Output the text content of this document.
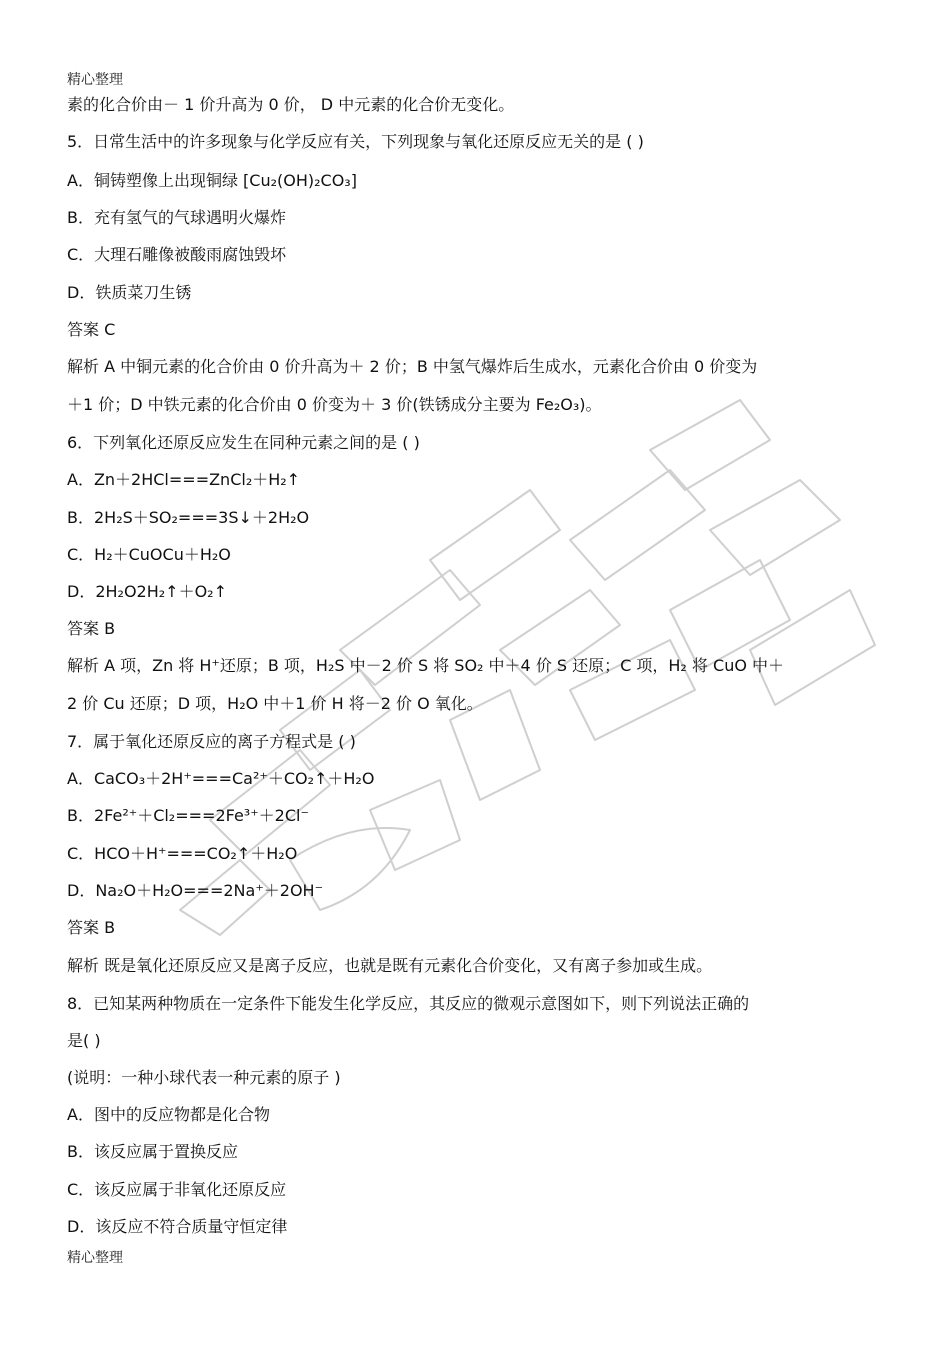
精心整理
素的化合价由－ 1 价升高为 0 价， D 中元素的化合价无变化。
5．日常生活中的许多现象与化学反应有关，下列现象与氧化还原反应无关的是 ( )
A．铜铸塑像上出现铜绿 [Cu₂(OH)₂CO₃]
B．充有氢气的气球遇明火爆炸
C．大理石雕像被酸雨腐蚀毁坏
D．铁质菜刀生锈
答案 C
解析 A 中铜元素的化合价由 0 价升高为＋ 2 价；B 中氢气爆炸后生成水，元素化合价由 0 价变为
＋1 价；D 中铁元素的化合价由 0 价变为＋ 3 价(铁锈成分主要为 Fe₂O₃)。
6．下列氧化还原反应发生在同种元素之间的是 ( )
A．Zn＋2HCl===ZnCl₂＋H₂↑
B．2H₂S＋SO₂===3S↓＋2H₂O
C．H₂＋CuOCu＋H₂O
D．2H₂O2H₂↑＋O₂↑
答案 B
解析 A 项，Zn 将 H⁺还原；B 项，H₂S 中－2 价 S 将 SO₂ 中＋4 价 S 还原；C 项，H₂ 将 CuO 中＋
2 价 Cu 还原；D 项，H₂O 中＋1 价 H 将－2 价 O 氧化。
7．属于氧化还原反应的离子方程式是 ( )
A．CaCO₃＋2H⁺===Ca²⁺＋CO₂↑＋H₂O
B．2Fe²⁺＋Cl₂===2Fe³⁺＋2Cl⁻
C．HCO＋H⁺===CO₂↑＋H₂O
D．Na₂O＋H₂O===2Na⁺＋2OH⁻
答案 B
解析 既是氧化还原反应又是离子反应，也就是既有元素化合价变化，又有离子参加或生成。
8．已知某两种物质在一定条件下能发生化学反应，其反应的微观示意图如下，则下列说法正确的
是( )
(说明：一种小球代表一种元素的原子 )
A．图中的反应物都是化合物
B．该反应属于置换反应
C．该反应属于非氧化还原反应
D．该反应不符合质量守恒定律
精心整理
